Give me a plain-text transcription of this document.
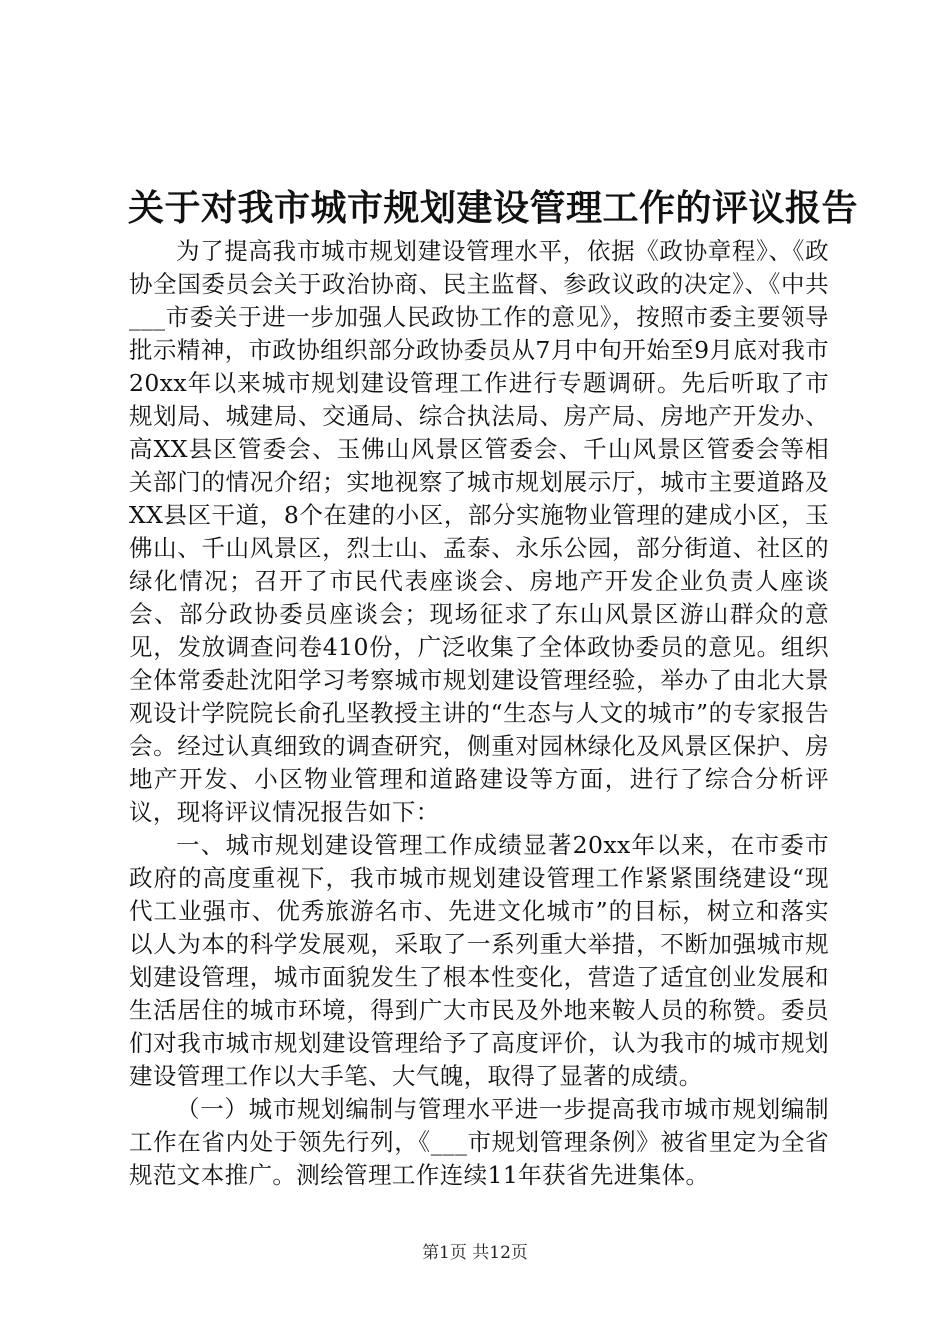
关于对我市城市规划建设管理工作的评议报告

为了提高我市城市规划建设管理水平，依据《政协章程》、《政协全国委员会关于政治协商、民主监督、参政议政的决定》、《中共___市委关于进一步加强人民政协工作的意见》，按照市委主要领导批示精神，市政协组织部分政协委员从7月中旬开始至9月底对我市20xx年以来城市规划建设管理工作进行专题调研。先后听取了市规划局、城建局、交通局、综合执法局、房产局、房地产开发办、高XX县区管委会、玉佛山风景区管委会、千山风景区管委会等相关部门的情况介绍；实地视察了城市规划展示厅，城市主要道路及XX县区干道，8个在建的小区，部分实施物业管理的建成小区，玉佛山、千山风景区，烈士山、孟泰、永乐公园，部分街道、社区的绿化情况；召开了市民代表座谈会、房地产开发企业负责人座谈会、部分政协委员座谈会；现场征求了东山风景区游山群众的意见，发放调查问卷410份，广泛收集了全体政协委员的意见。组织全体常委赴沈阳学习考察城市规划建设管理经验，举办了由北大景观设计学院院长俞孔坚教授主讲的“生态与人文的城市”的专家报告会。经过认真细致的调查研究，侧重对园林绿化及风景区保护、房地产开发、小区物业管理和道路建设等方面，进行了综合分析评议，现将评议情况报告如下：

一、城市规划建设管理工作成绩显著20xx年以来，在市委市政府的高度重视下，我市城市规划建设管理工作紧紧围绕建设“现代工业强市、优秀旅游名市、先进文化城市”的目标，树立和落实以人为本的科学发展观，采取了一系列重大举措，不断加强城市规划建设管理，城市面貌发生了根本性变化，营造了适宜创业发展和生活居住的城市环境，得到广大市民及外地来鞍人员的称赞。委员们对我市城市规划建设管理给予了高度评价，认为我市的城市规划建设管理工作以大手笔、大气魄，取得了显著的成绩。

（一）城市规划编制与管理水平进一步提高我市城市规划编制工作在省内处于领先行列，《___市规划管理条例》被省里定为全省规范文本推广。测绘管理工作连续11年获省先进集体。

第1页 共12页
